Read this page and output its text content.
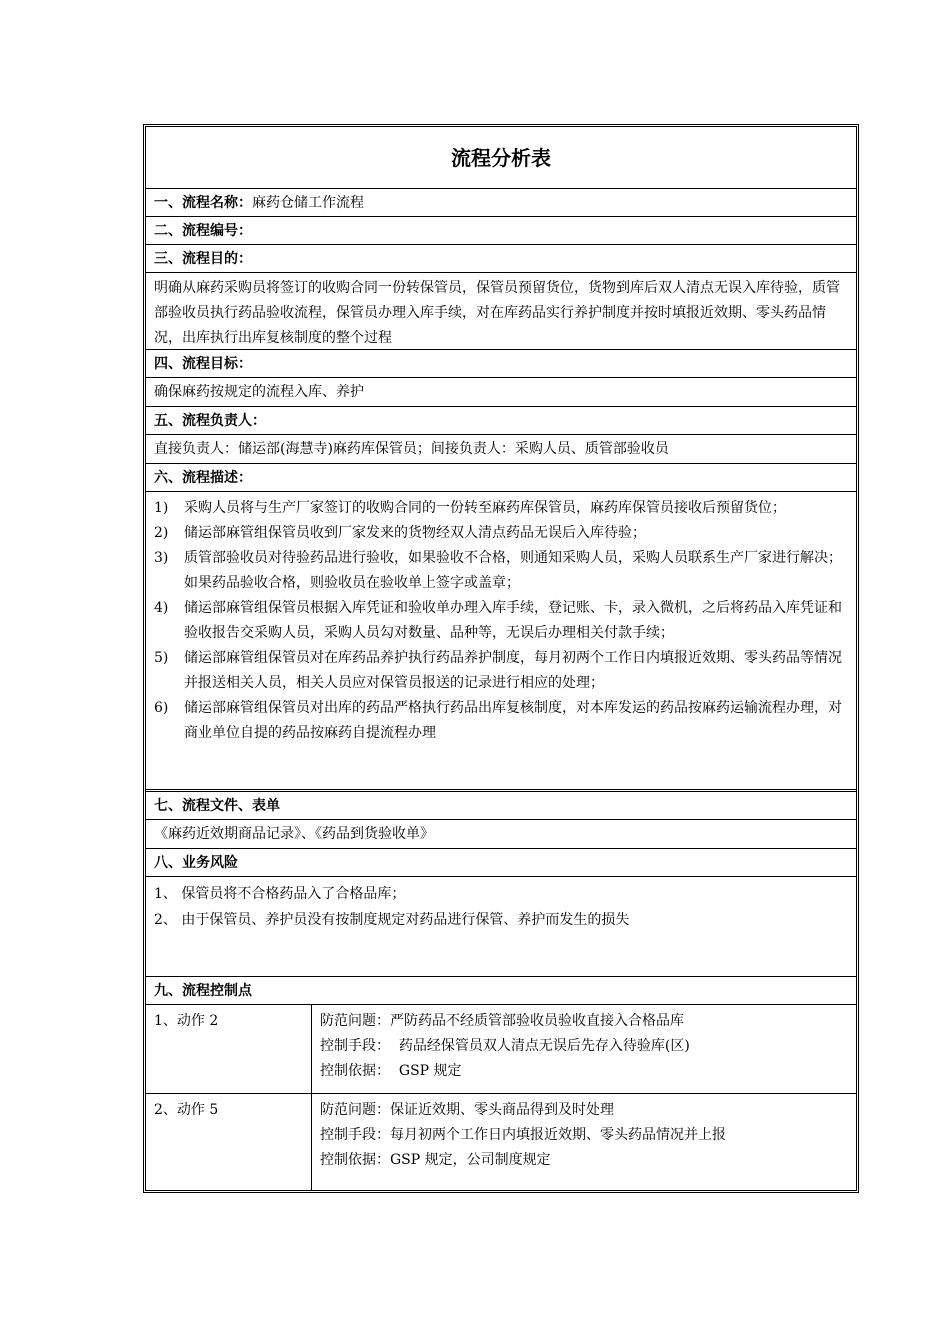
流程分析表
一、流程名称：麻药仓储工作流程
二、流程编号：
三、流程目的：
明确从麻药采购员将签订的收购合同一份转保管员，保管员预留货位，货物到库后双人清点无误入库待验，质管部验收员执行药品验收流程，保管员办理入库手续，对在库药品实行养护制度并按时填报近效期、零头药品情况，出库执行出库复核制度的整个过程
四、流程目标：
确保麻药按规定的流程入库、养护
五、流程负责人：
直接负责人：储运部(海慧寺)麻药库保管员；间接负责人：采购人员、质管部验收员
六、流程描述：
1)	采购人员将与生产厂家签订的收购合同的一份转至麻药库保管员，麻药库保管员接收后预留货位；
2)	储运部麻管组保管员收到厂家发来的货物经双人清点药品无误后入库待验；
3)	质管部验收员对待验药品进行验收，如果验收不合格，则通知采购人员，采购人员联系生产厂家进行解决；如果药品验收合格，则验收员在验收单上签字或盖章；
4)	储运部麻管组保管员根据入库凭证和验收单办理入库手续，登记账、卡，录入微机，之后将药品入库凭证和验收报告交采购人员，采购人员勾对数量、品种等，无误后办理相关付款手续；
5)	储运部麻管组保管员对在库药品养护执行药品养护制度，每月初两个工作日内填报近效期、零头药品等情况并报送相关人员，相关人员应对保管员报送的记录进行相应的处理；
6)	储运部麻管组保管员对出库的药品严格执行药品出库复核制度，对本库发运的药品按麻药运输流程办理，对商业单位自提的药品按麻药自提流程办理
七、流程文件、表单
《麻药近效期商品记录》、《药品到货验收单》
八、业务风险
1、 保管员将不合格药品入了合格品库；
2、 由于保管员、养护员没有按制度规定对药品进行保管、养护而发生的损失
九、流程控制点
1、动作 2	防范问题：严防药品不经质管部验收员验收直接入合格品库
控制手段：  药品经保管员双人清点无误后先存入待验库(区)
控制依据：  GSP 规定
2、动作 5	防范问题：保证近效期、零头商品得到及时处理
控制手段：每月初两个工作日内填报近效期、零头药品情况并上报
控制依据：GSP 规定，公司制度规定
